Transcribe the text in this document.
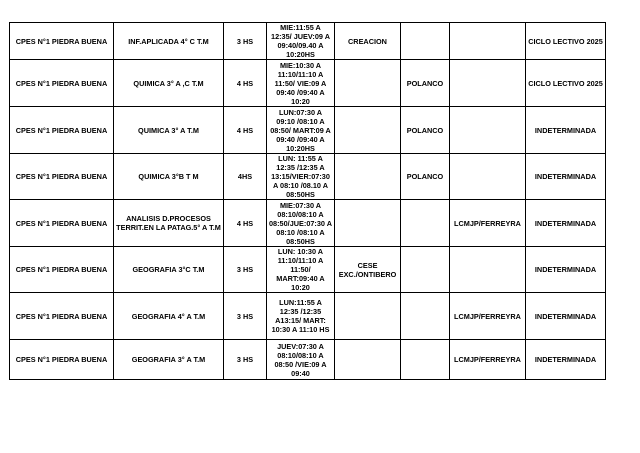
CPES N°1 PIEDRA BUENA	INF.APLICADA 4° C T.M	3 HS	MIE:11:55 A 12:35/ JUEV:09 A 09:40/09.40 A 10:20HS	CREACION			CICLO LECTIVO 2025
CPES N°1 PIEDRA BUENA	QUIMICA 3° A ,C T.M	4 HS	MIE:10:30 A 11:10/11:10 A 11:50/ VIE:09 A 09:40 /09:40 A 10:20		POLANCO		CICLO LECTIVO 2025
CPES N°1 PIEDRA BUENA	QUIMICA 3° A T.M	4 HS	LUN:07:30 A 09:10 /08:10 A 08:50/ MART:09 A 09:40 /09:40 A 10:20HS		POLANCO		INDETERMINADA
CPES N°1 PIEDRA BUENA	QUIMICA 3°B T M	4HS	LUN: 11:55 A 12:35 /12:35 A 13:15/VIER:07:30 A 08:10 /08.10 A 08:50HS		POLANCO		INDETERMINADA
CPES N°1 PIEDRA BUENA	ANALISIS D.PROCESOS TERRIT.EN LA PATAG.5° A T.M	4 HS	MIE:07:30 A 08:10/08:10 A 08:50/JUE:07:30 A 08:10 /08:10 A 08:50HS			LCMJP/FERREYRA	INDETERMINADA
CPES N°1 PIEDRA BUENA	GEOGRAFIA 3°C T.M	3 HS	LUN: 10:30 A 11:10/11:10 A 11:50/ MART:09:40 A 10:20	CESE EXC./ONTIBERO			INDETERMINADA
CPES N°1 PIEDRA BUENA	GEOGRAFIA 4° A T.M	3 HS	LUN:11:55 A 12:35 /12:35 A13:15/ MART: 10:30 A 11:10 HS			LCMJP/FERREYRA	INDETERMINADA
CPES N°1 PIEDRA BUENA	GEOGRAFIA 3° A T.M	3 HS	JUEV:07:30 A 08:10/08:10 A 08:50 /VIE:09 A 09:40			LCMJP/FERREYRA	INDETERMINADA
